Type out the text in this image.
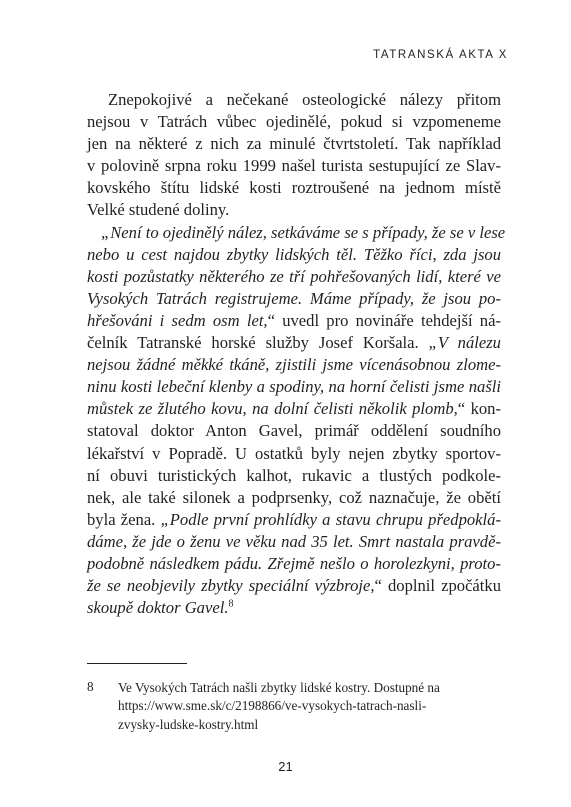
TATRANSKÁ AKTA X
Znepokojivé a nečekané osteologické nálezy přitom
nejsou v Tatrách vůbec ojedinělé, pokud si vzpomeneme
jen na některé z nich za minulé čtvrtstoletí. Tak například
v polovině srpna roku 1999 našel turista sestupující ze Slav-
kovského štítu lidské kosti roztroušené na jednom místě
Velké studené doliny.
„Není to ojedinělý nález, setkáváme se s případy, že se v lese
nebo u cest najdou zbytky lidských těl. Těžko říci, zda jsou
kosti pozůstatky některého ze tří pohřešovaných lidí, které ve
Vysokých Tatrách registrujeme. Máme případy, že jsou po-
hřešováni i sedm osm let,“ uvedl pro novináře tehdejší ná-
čelník Tatranské horské služby Josef Koršala. „V nálezu
nejsou žádné měkké tkáně, zjistili jsme vícenásobnou zlome-
ninu kosti lebeční klenby a spodiny, na horní čelisti jsme našli
můstek ze žlutého kovu, na dolní čelisti několik plomb,“ kon-
statoval doktor Anton Gavel, primář oddělení soudního
lékařství v Popradě. U ostatků byly nejen zbytky sportov-
ní obuvi turistických kalhot, rukavic a tlustých podkole-
nek, ale také silonek a podprsenky, což naznačuje, že obětí
byla žena. „Podle první prohlídky a stavu chrupu předpoklá-
dáme, že jde o ženu ve věku nad 35 let. Smrt nastala pravdě-
podobně následkem pádu. Zřejmě nešlo o horolezkyni, proto-
že se neobjevily zbytky speciální výzbroje,“ doplnil zpočátku
skoupě doktor Gavel.$^8$
8 Ve Vysokých Tatrách našli zbytky lidské kostry. Dostupné na
https://www.sme.sk/c/2198866/ve-vysokych-tatrach-nasli-
zvysky-ludske-kostry.html
21
